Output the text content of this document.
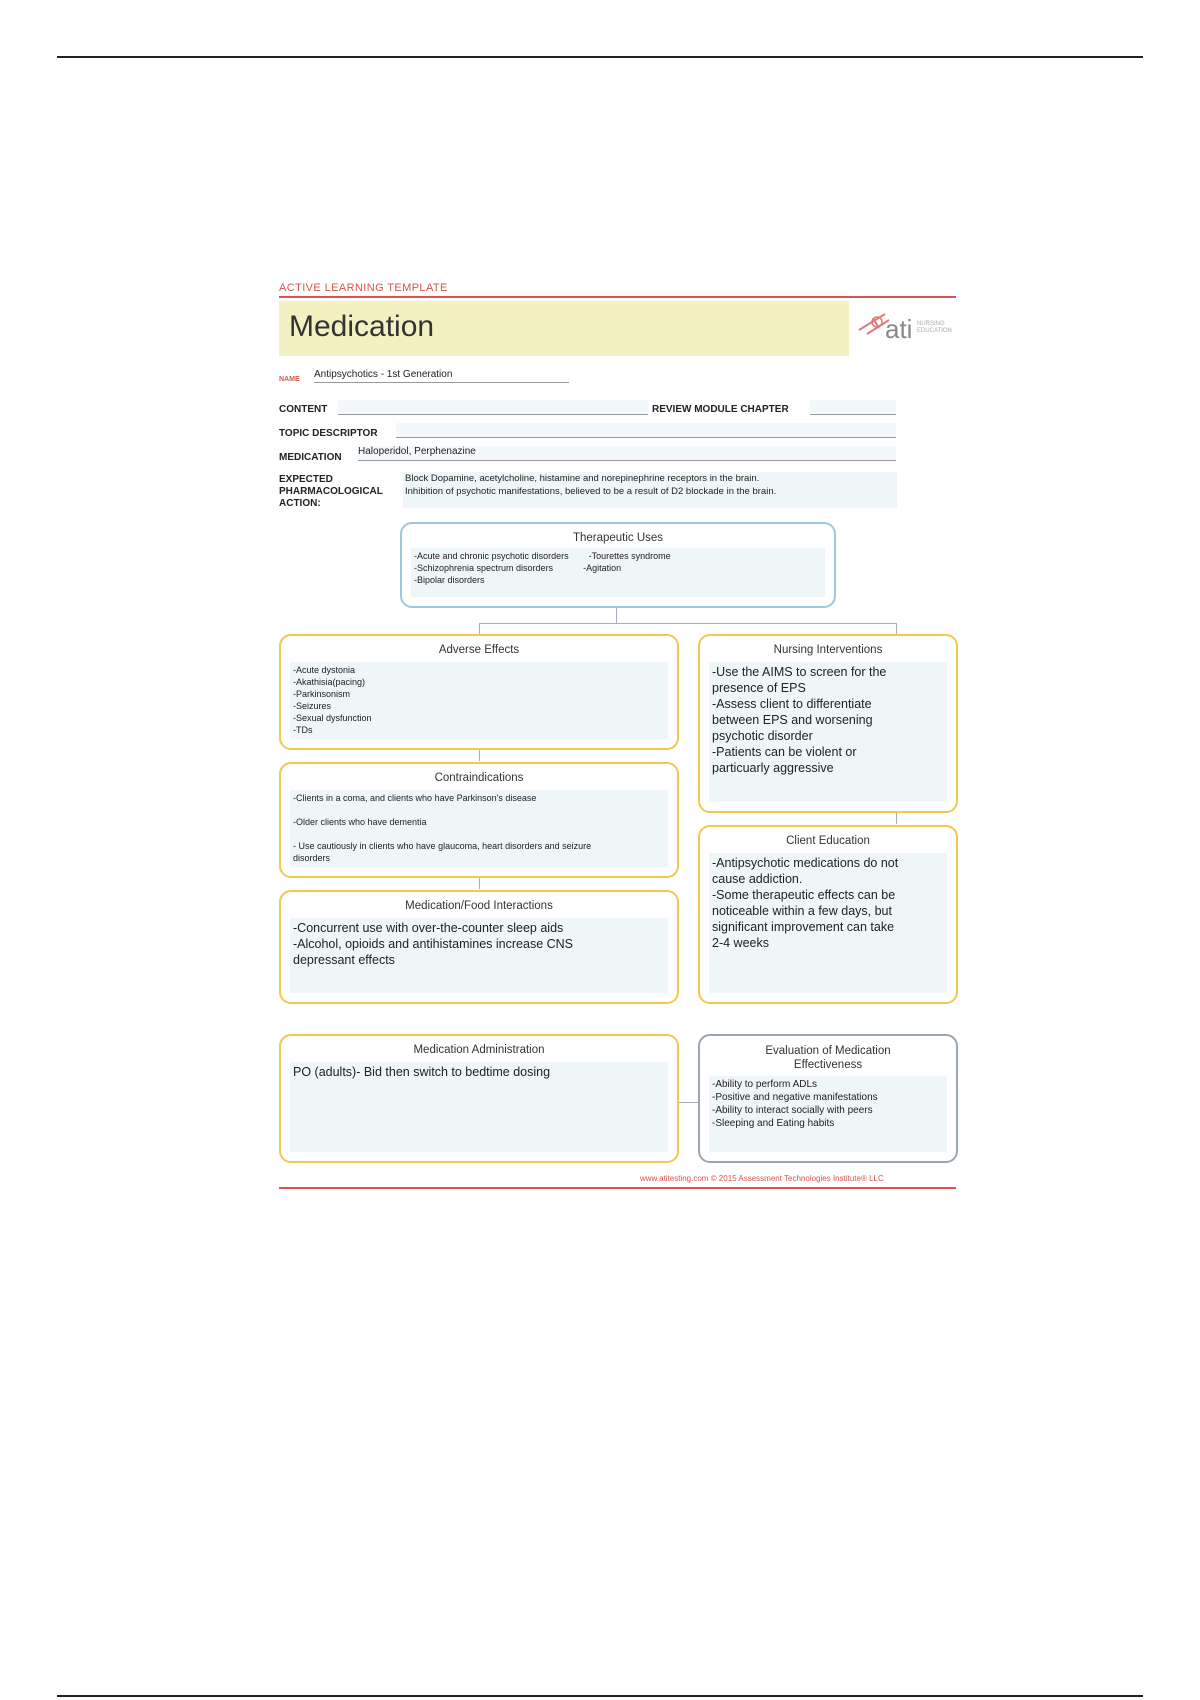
ACTIVE LEARNING TEMPLATE
Medication	ati NURSING EDUCATION
NAME Antipsychotics - 1st Generation
CONTENT	REVIEW MODULE CHAPTER
TOPIC DESCRIPTOR
MEDICATION
Haloperidol, Perphenazine
EXPECTED
PHARMACOLOGICAL
ACTION:
Block Dopamine, acetylcholine, histamine and norepinephrine receptors in the brain.
Inhibition of psychotic manifestations, believed to be a result of D2 blockade in the brain.
Therapeutic Uses
-Acute and chronic psychotic disorders        -Tourettes syndrome
-Schizophrenia spectrum disorders            -Agitation
-Bipolar disorders
Adverse Effects
-Acute dystonia
-Akathisia(pacing)
-Parkinsonism
-Seizures
-Sexual dysfunction
-TDs
Nursing Interventions
-Use the AIMS to screen for the
presence of EPS
-Assess client to differentiate
between EPS and worsening
psychotic disorder
-Patients can be violent or
particuarly aggressive
Contraindications
-Clients in a coma, and clients who have Parkinson's disease
-Older clients who have dementia
- Use cautiously in clients who have glaucoma, heart disorders and seizure
disorders
Client Education
-Antipsychotic medications do not
cause addiction.
-Some therapeutic effects can be
noticeable within a few days, but
significant improvement can take
2-4 weeks
Medication/Food Interactions
-Concurrent use with over-the-counter sleep aids
-Alcohol, opioids and antihistamines increase CNS
depressant effects
Medication Administration
PO (adults)- Bid then switch to bedtime dosing
Evaluation of Medication
Effectiveness
-Ability to perform ADLs
-Positive and negative manifestations
-Ability to interact socially with peers
-Sleeping and Eating habits
www.atitesting.com © 2015 Assessment Technologies Institute® LLC
